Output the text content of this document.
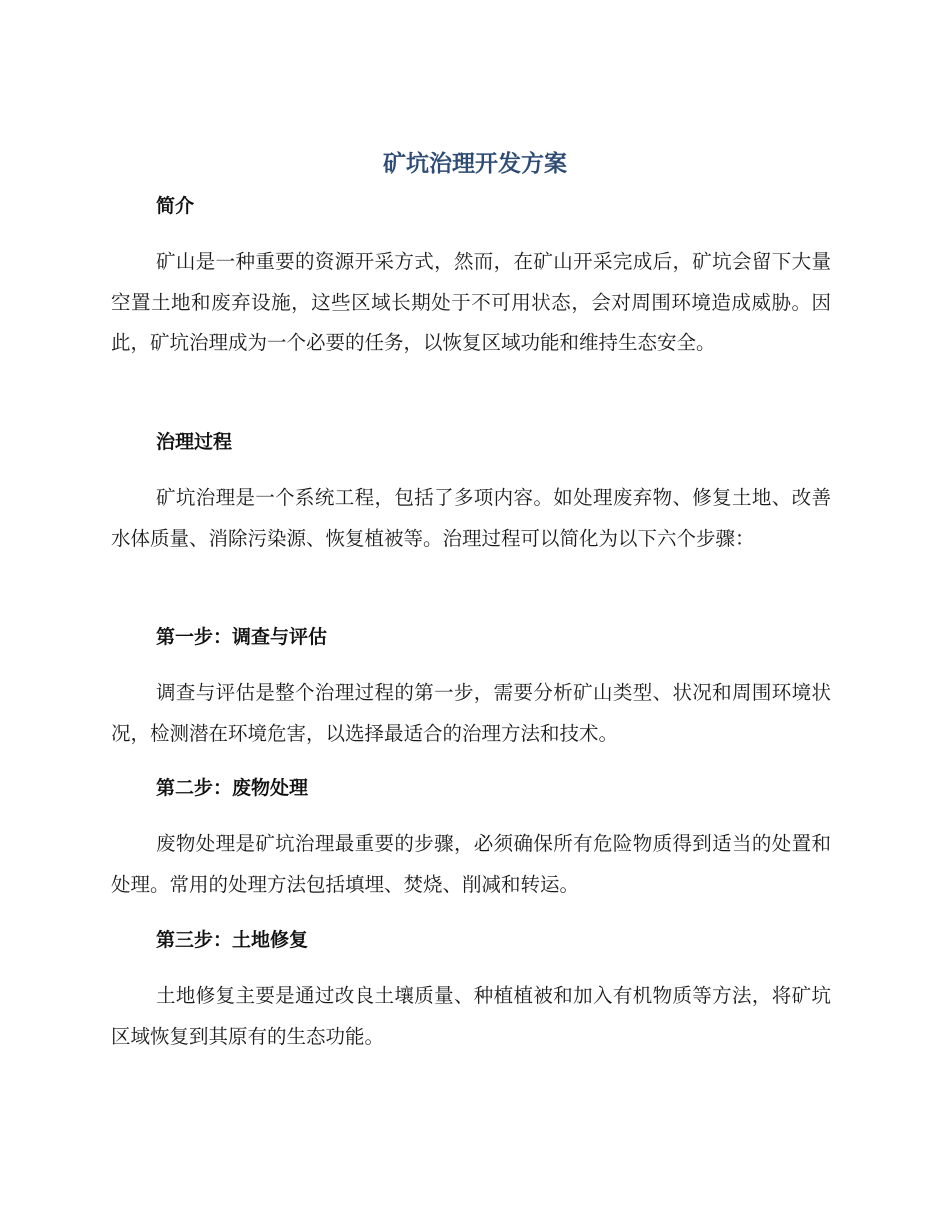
矿坑治理开发方案
简介

矿山是一种重要的资源开采方式，然而，在矿山开采完成后，矿坑会留下大量空置土地和废弃设施，这些区域长期处于不可用状态，会对周围环境造成威胁。因此，矿坑治理成为一个必要的任务，以恢复区域功能和维持生态安全。

治理过程

矿坑治理是一个系统工程，包括了多项内容。如处理废弃物、修复土地、改善水体质量、消除污染源、恢复植被等。治理过程可以简化为以下六个步骤：

第一步：调查与评估

调查与评估是整个治理过程的第一步，需要分析矿山类型、状况和周围环境状况，检测潜在环境危害，以选择最适合的治理方法和技术。

第二步：废物处理

废物处理是矿坑治理最重要的步骤，必须确保所有危险物质得到适当的处置和处理。常用的处理方法包括填埋、焚烧、削减和转运。

第三步：土地修复

土地修复主要是通过改良土壤质量、种植植被和加入有机物质等方法，将矿坑区域恢复到其原有的生态功能。
